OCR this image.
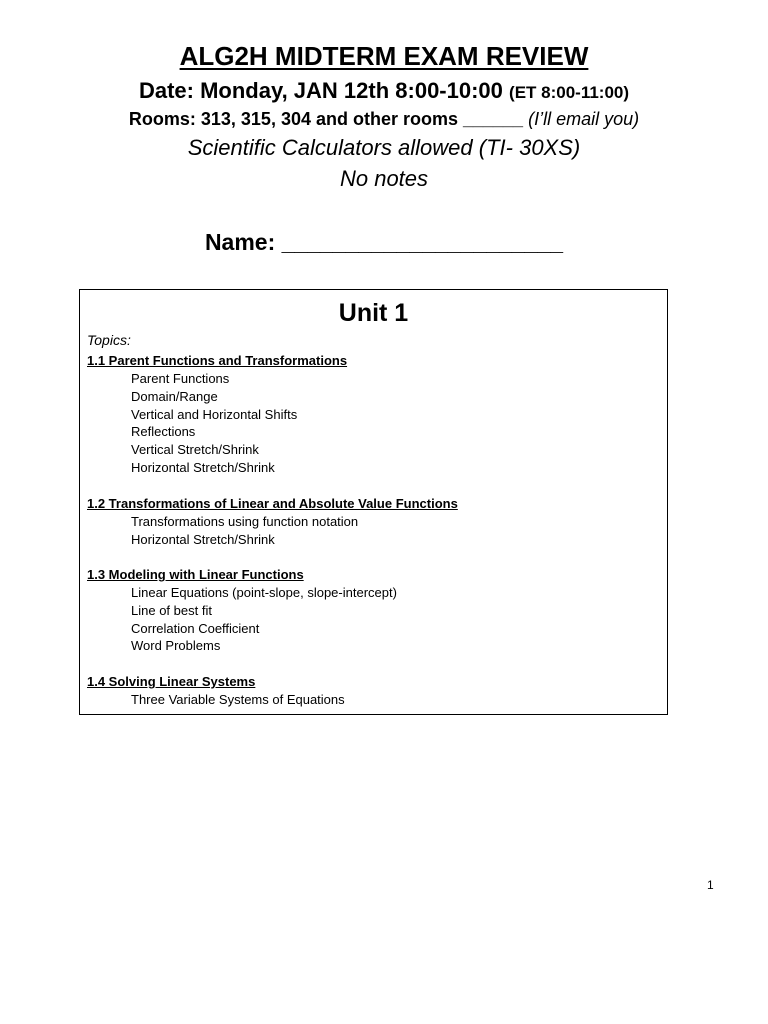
ALG2H MIDTERM EXAM REVIEW
Date: Monday, JAN 12th 8:00-10:00 (ET 8:00-11:00)
Rooms: 313, 315, 304 and other rooms ______ (I’ll email you)
Scientific Calculators allowed (TI- 30XS)
No notes
Name: ______________________
Unit 1
Topics:
1.1 Parent Functions and Transformations
Parent Functions
Domain/Range
Vertical and Horizontal Shifts
Reflections
Vertical Stretch/Shrink
Horizontal Stretch/Shrink
1.2 Transformations of Linear and Absolute Value Functions
Transformations using function notation
Horizontal Stretch/Shrink
1.3 Modeling with Linear Functions
Linear Equations (point-slope, slope-intercept)
Line of best fit
Correlation Coefficient
Word Problems
1.4 Solving Linear Systems
Three Variable Systems of Equations
1
